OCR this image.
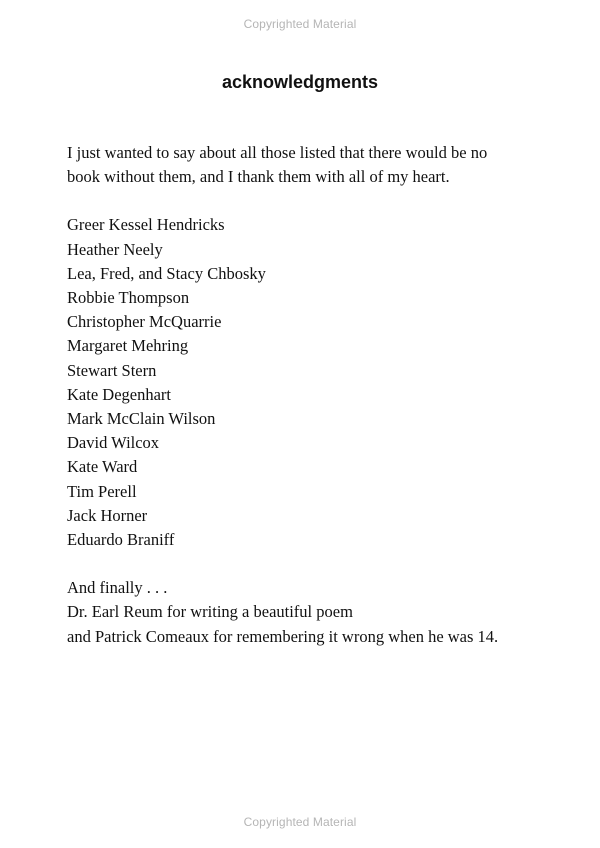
Copyrighted Material
acknowledgments

I just wanted to say about all those listed that there would be no
book without them, and I thank them with all of my heart.

Greer Kessel Hendricks
Heather Neely
Lea, Fred, and Stacy Chbosky
Robbie Thompson
Christopher McQuarrie
Margaret Mehring
Stewart Stern
Kate Degenhart
Mark McClain Wilson
David Wilcox
Kate Ward
Tim Perell
Jack Horner
Eduardo Braniff

And finally . . .
Dr. Earl Reum for writing a beautiful poem
and Patrick Comeaux for remembering it wrong when he was 14.

Copyrighted Material
